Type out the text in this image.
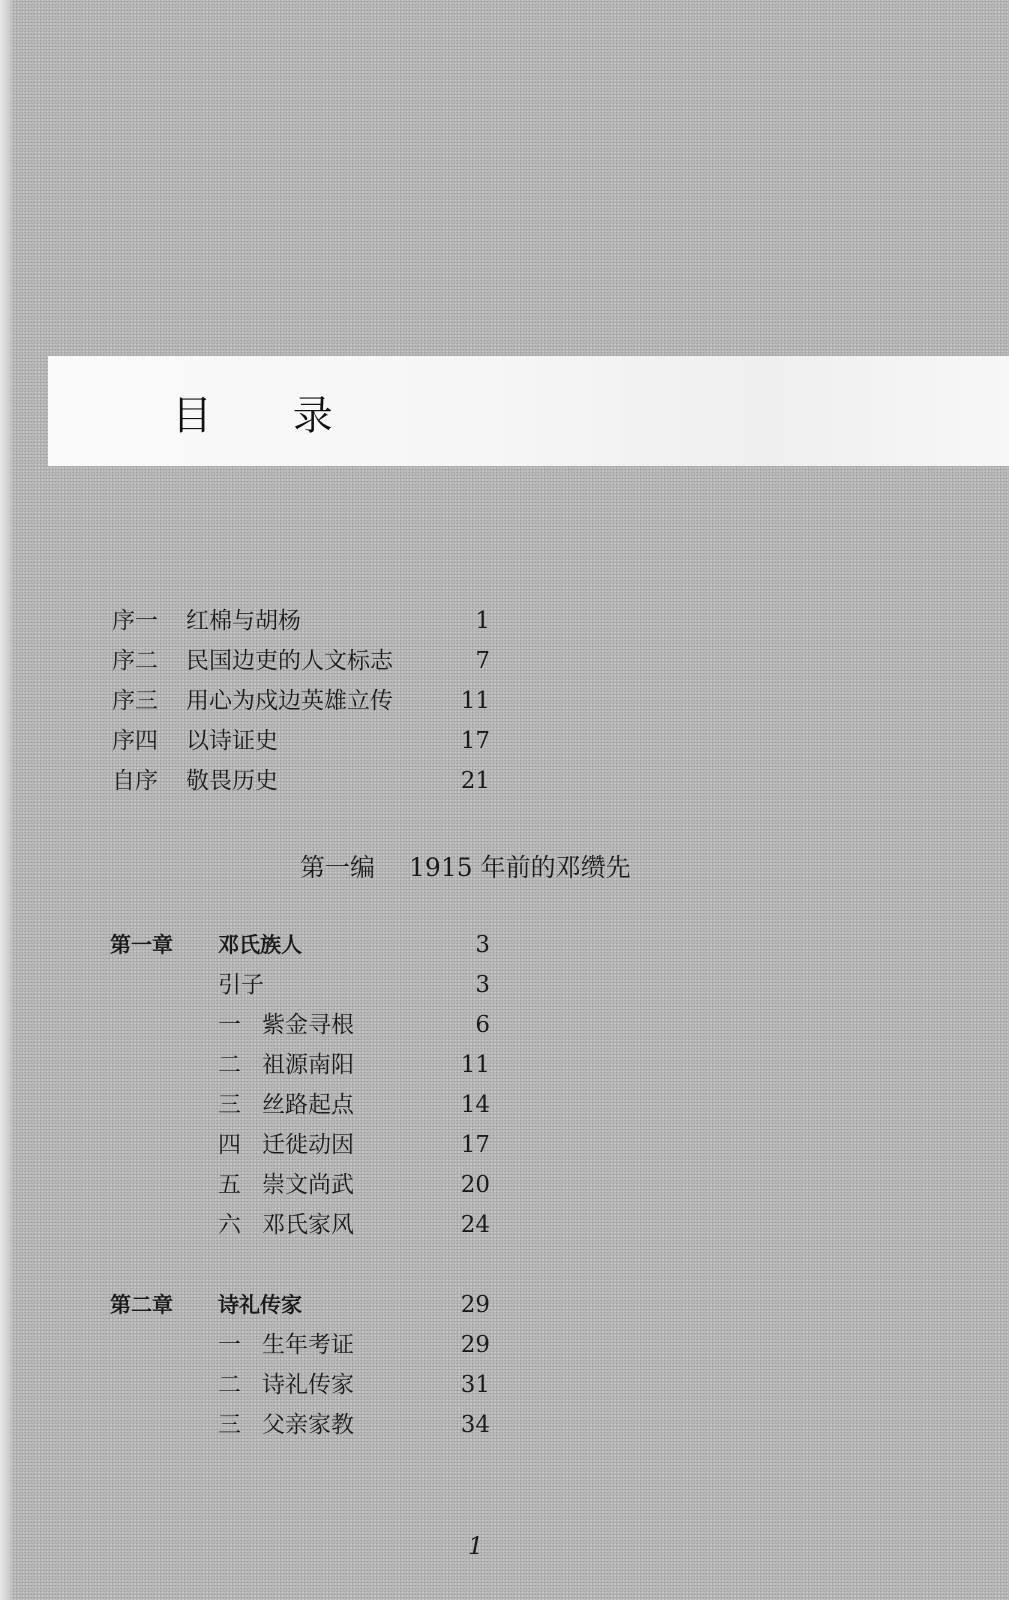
目 录
序一 红棉与胡杨	1
序二 民国边吏的人文标志	7
序三 用心为戍边英雄立传	11
序四 以诗证史	17
自序 敬畏历史	21
第一编 1915 年前的邓缵先
第一章 邓氏族人	3
引子	3
一 紫金寻根	6
二 祖源南阳	11
三 丝路起点	14
四 迁徙动因	17
五 崇文尚武	20
六 邓氏家风	24
第二章 诗礼传家	29
一 生年考证	29
二 诗礼传家	31
三 父亲家教	34
1
